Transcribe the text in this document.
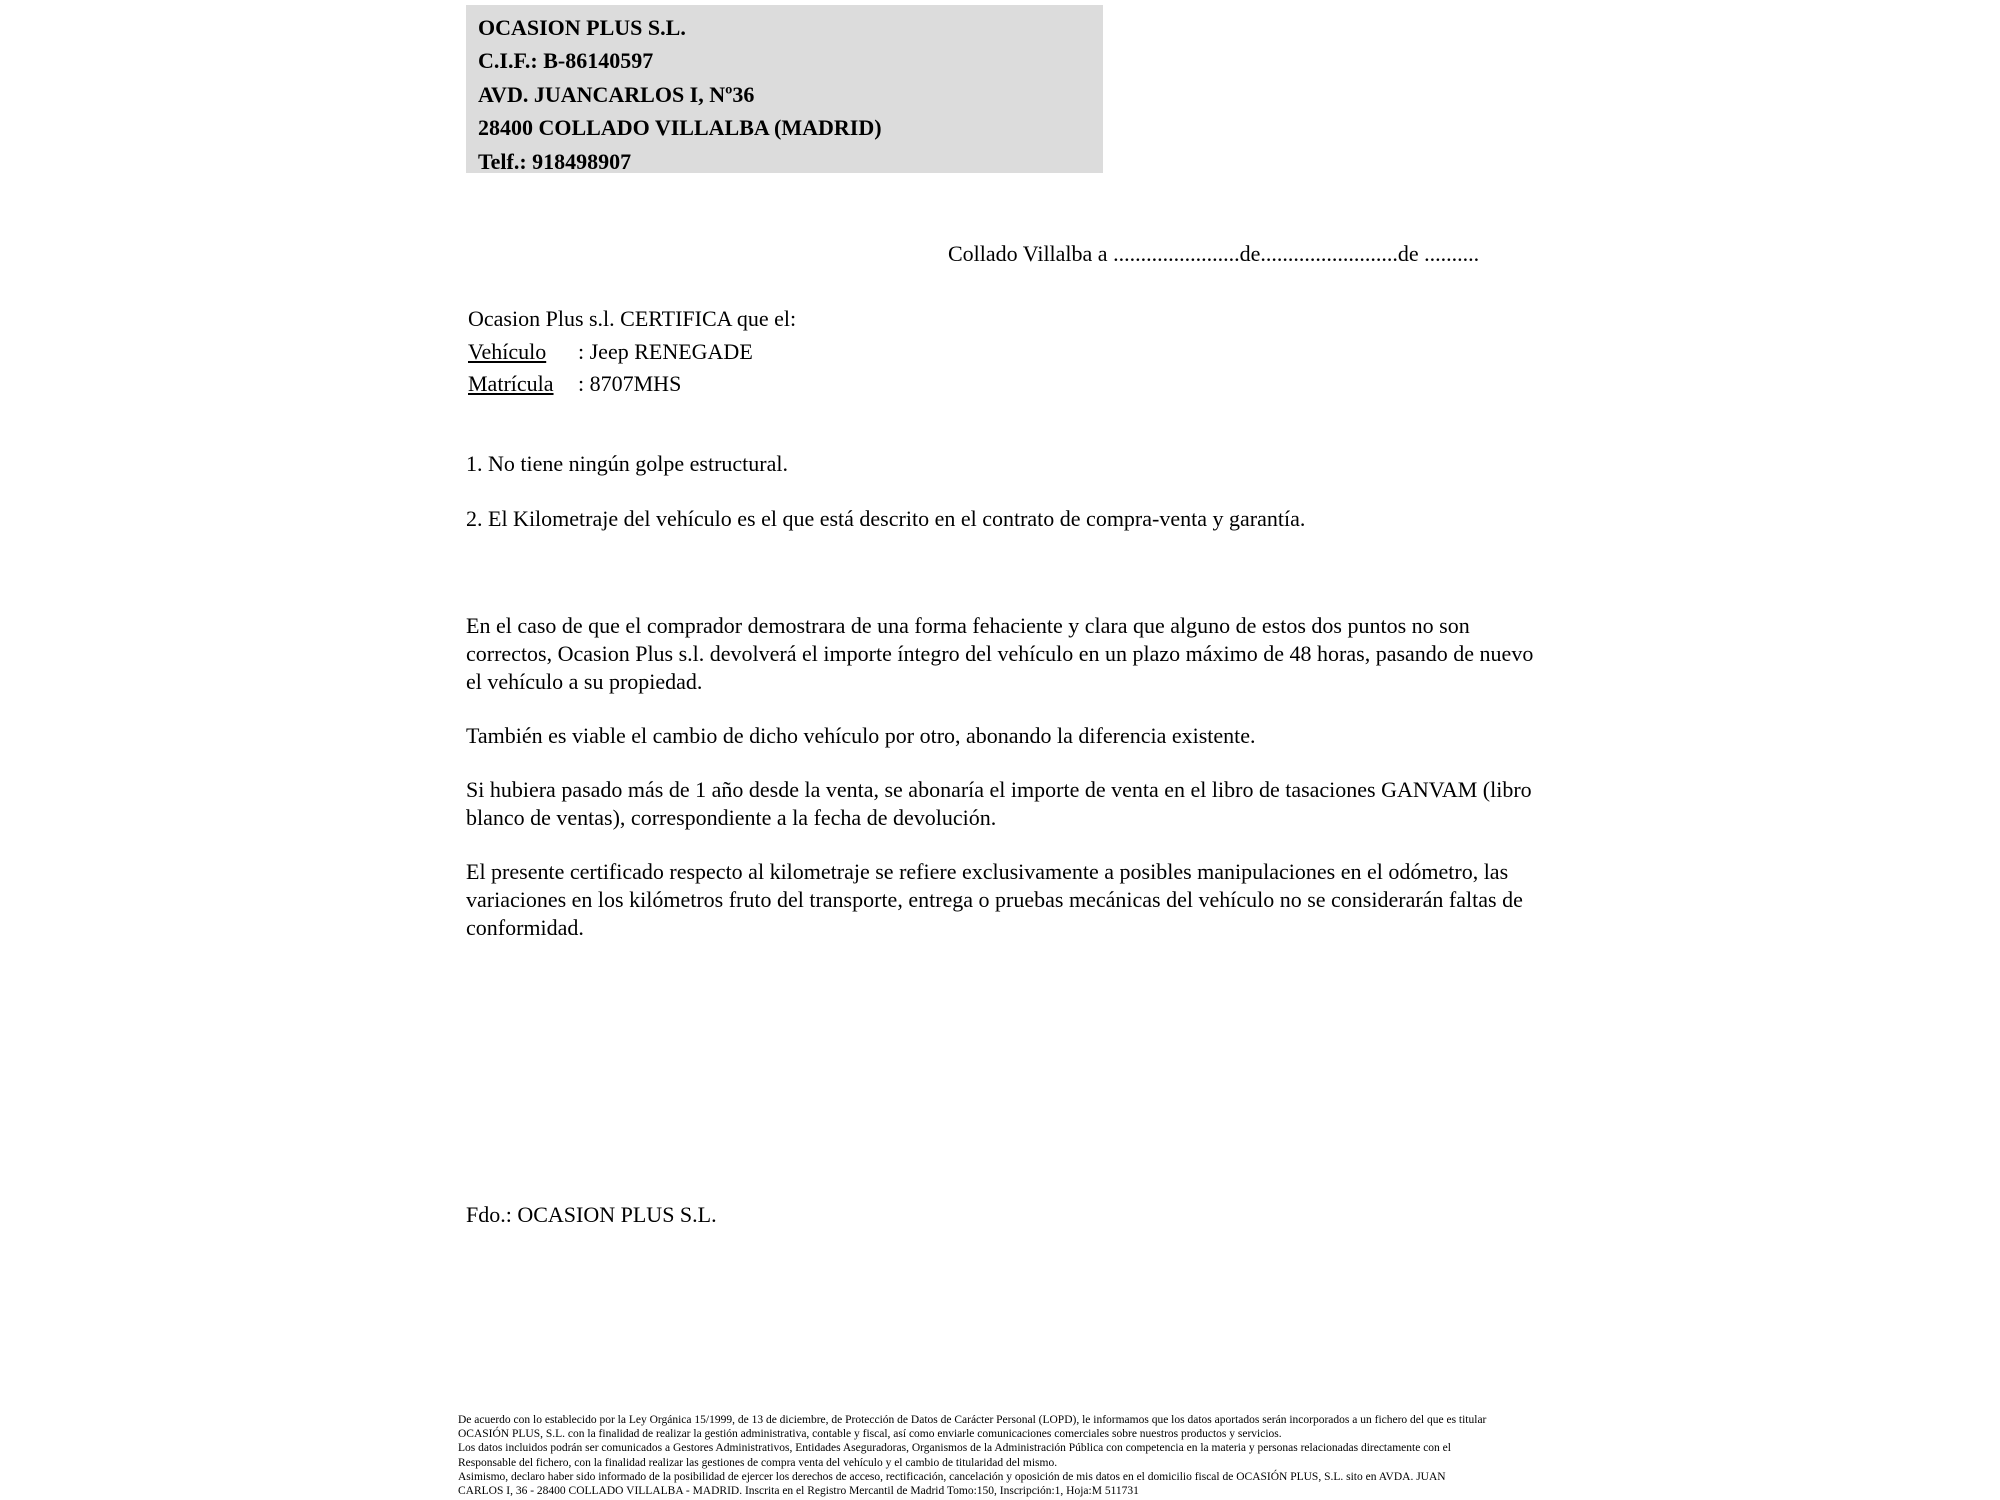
OCASION PLUS S.L.
C.I.F.: B-86140597
AVD. JUANCARLOS I, Nº36
28400 COLLADO VILLALBA (MADRID)
Telf.: 918498907
Collado Villalba a .......................de.........................de ..........
Ocasion Plus s.l. CERTIFICA que el:
Vehículo : Jeep RENEGADE
Matrícula : 8707MHS
1. No tiene ningún golpe estructural.
2. El Kilometraje del vehículo es el que está descrito en el contrato de compra-venta y garantía.

En el caso de que el comprador demostrara de una forma fehaciente y clara que alguno de estos dos puntos no son correctos, Ocasion Plus s.l. devolverá el importe íntegro del vehículo en un plazo máximo de 48 horas, pasando de nuevo el vehículo a su propiedad.

También es viable el cambio de dicho vehículo por otro, abonando la diferencia existente.

Si hubiera pasado más de 1 año desde la venta, se abonaría el importe de venta en el libro de tasaciones GANVAM (libro blanco de ventas), correspondiente a la fecha de devolución.

El presente certificado respecto al kilometraje se refiere exclusivamente a posibles manipulaciones en el odómetro, las variaciones en los kilómetros fruto del transporte, entrega o pruebas mecánicas del vehículo no se considerarán faltas de conformidad.

Fdo.: OCASION PLUS S.L.
De acuerdo con lo establecido por la Ley Orgánica 15/1999, de 13 de diciembre, de Protección de Datos de Carácter Personal (LOPD), le informamos que los datos aportados serán incorporados a un fichero del que es titular
OCASIÓN PLUS, S.L. con la finalidad de realizar la gestión administrativa, contable y fiscal, así como enviarle comunicaciones comerciales sobre nuestros productos y servicios.
Los datos incluidos podrán ser comunicados a Gestores Administrativos, Entidades Aseguradoras, Organismos de la Administración Pública con competencia en la materia y personas relacionadas directamente con el
Responsable del fichero, con la finalidad realizar las gestiones de compra venta del vehículo y el cambio de titularidad del mismo.
Asimismo, declaro haber sido informado de la posibilidad de ejercer los derechos de acceso, rectificación, cancelación y oposición de mis datos en el domicilio fiscal de OCASIÓN PLUS, S.L. sito en AVDA. JUAN
CARLOS I, 36 - 28400 COLLADO VILLALBA - MADRID. Inscrita en el Registro Mercantil de Madrid Tomo:150, Inscripción:1, Hoja:M 511731
